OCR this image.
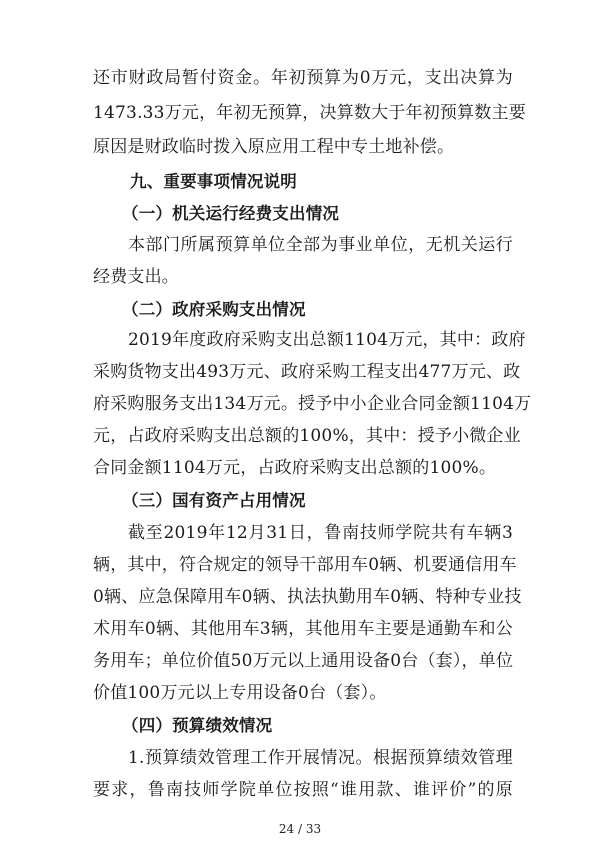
还市财政局暂付资金。年初预算为0万元，支出决算为
1473.33万元，年初无预算，决算数大于年初预算数主要
原因是财政临时拨入原应用工程中专土地补偿。
九、重要事项情况说明
（一）机关运行经费支出情况
本部门所属预算单位全部为事业单位，无机关运行
经费支出。
（二）政府采购支出情况
2019年度政府采购支出总额1104万元，其中：政府
采购货物支出493万元、政府采购工程支出477万元、政
府采购服务支出134万元。授予中小企业合同金额1104万
元，占政府采购支出总额的100%，其中：授予小微企业
合同金额1104万元，占政府采购支出总额的100%。
（三）国有资产占用情况
截至2019年12月31日，鲁南技师学院共有车辆3
辆，其中，符合规定的领导干部用车0辆、机要通信用车
0辆、应急保障用车0辆、执法执勤用车0辆、特种专业技
术用车0辆、其他用车3辆，其他用车主要是通勤车和公
务用车；单位价值50万元以上通用设备0台（套），单位
价值100万元以上专用设备0台（套）。
（四）预算绩效情况
1.预算绩效管理工作开展情况。根据预算绩效管理
要求，鲁南技师学院单位按照“谁用款、谁评价”的原
24 / 33
